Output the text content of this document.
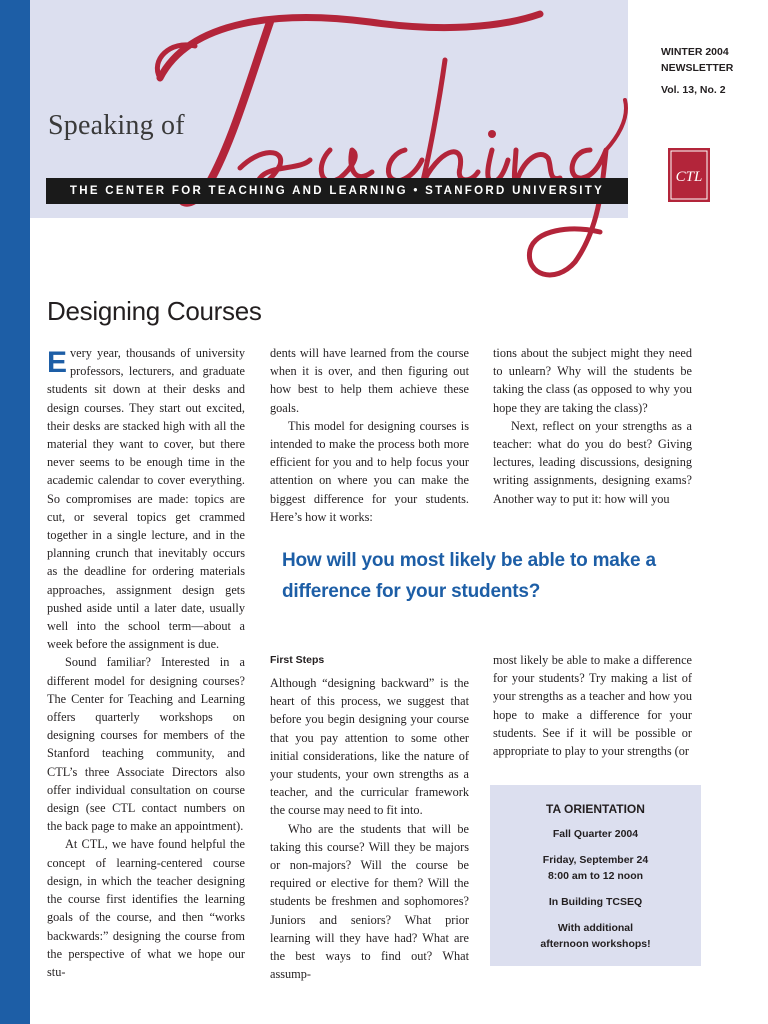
Speaking of
THE CENTER FOR TEACHING AND LEARNING • STANFORD UNIVERSITY
WINTER 2004
NEWSLETTER
Vol. 13, No. 2
CTL
Designing Courses

Every year, thousands of university professors, lecturers, and graduate students sit down at their desks and design courses. They start out excited, their desks are stacked high with all the material they want to cover, but there never seems to be enough time in the academic calendar to cover everything. So compromises are made: topics are cut, or several topics get crammed together in a single lecture, and in the planning crunch that inevitably occurs as the deadline for ordering materials approaches, assignment design gets pushed aside until a later date, usually well into the school term—about a week before the assignment is due.

Sound familiar? Interested in a different model for designing courses? The Center for Teaching and Learning offers quarterly workshops on designing courses for members of the Stanford teaching community, and CTL’s three Associate Directors also offer individual consultation on course design (see CTL contact numbers on the back page to make an appointment).

At CTL, we have found helpful the concept of learning-centered course design, in which the teacher designing the course first identifies the learning goals of the course, and then “works backwards:” designing the course from the perspective of what we hope our stu-

dents will have learned from the course when it is over, and then figuring out how best to help them achieve these goals.

This model for designing courses is intended to make the process both more efficient for you and to help focus your attention on where you can make the biggest difference for your students. Here’s how it works:

tions about the subject might they need to unlearn? Why will the students be taking the class (as opposed to why you hope they are taking the class)?

Next, reflect on your strengths as a teacher: what do you do best? Giving lectures, leading discussions, designing writing assignments, designing exams? Another way to put it: how will you

How will you most likely be able to make a difference for your students?

First Steps

Although “designing backward” is the heart of this process, we suggest that before you begin designing your course that you pay attention to some other initial considerations, like the nature of your students, your own strengths as a teacher, and the curricular framework the course may need to fit into.

Who are the students that will be taking this course? Will they be majors or non-majors? Will the course be required or elective for them? Will the students be freshmen and sophomores? Juniors and seniors? What prior learning will they have had? What are the best ways to find out? What assump-

most likely be able to make a difference for your students? Try making a list of your strengths as a teacher and how you hope to make a difference for your students. See if it will be possible or appropriate to play to your strengths (or

TA ORIENTATION
Fall Quarter 2004
Friday, September 24
8:00 am to 12 noon
In Building TCSEQ
With additional
afternoon workshops!
